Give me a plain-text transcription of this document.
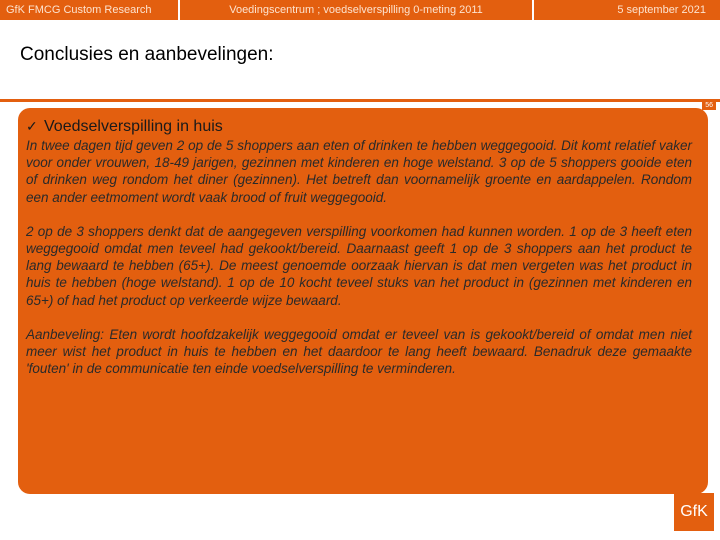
GfK FMCG Custom Research	Voedingscentrum ; voedselverspilling 0-meting 2011	5 september 2021
Conclusies en aanbevelingen:
56
✓ Voedselverspilling in huis

In twee dagen tijd geven 2 op de 5 shoppers aan eten of drinken te hebben weggegooid. Dit komt relatief vaker voor onder vrouwen, 18-49 jarigen, gezinnen met kinderen en hoge welstand. 3 op de 5 shoppers gooide eten of drinken weg rondom het diner (gezinnen). Het betreft dan voornamelijk groente en aardappelen. Rondom een ander eetmoment wordt vaak brood of fruit weggegooid.

2 op de 3 shoppers denkt dat de aangegeven verspilling voorkomen had kunnen worden. 1 op de 3 heeft eten weggegooid omdat men teveel had gekookt/bereid. Daarnaast geeft 1 op de 3 shoppers aan het product te lang bewaard te hebben (65+). De meest genoemde oorzaak hiervan is dat men vergeten was het product in huis te hebben (hoge welstand). 1 op de 10 kocht teveel stuks van het product in (gezinnen met kinderen en 65+) of had het product op verkeerde wijze bewaard.

Aanbeveling: Eten wordt hoofdzakelijk weggegooid omdat er teveel van is gekookt/bereid of omdat men niet meer wist het product in huis te hebben en het daardoor te lang heeft bewaard. Benadruk deze gemaakte 'fouten' in de communicatie ten einde voedselverspilling te verminderen.

GfK
